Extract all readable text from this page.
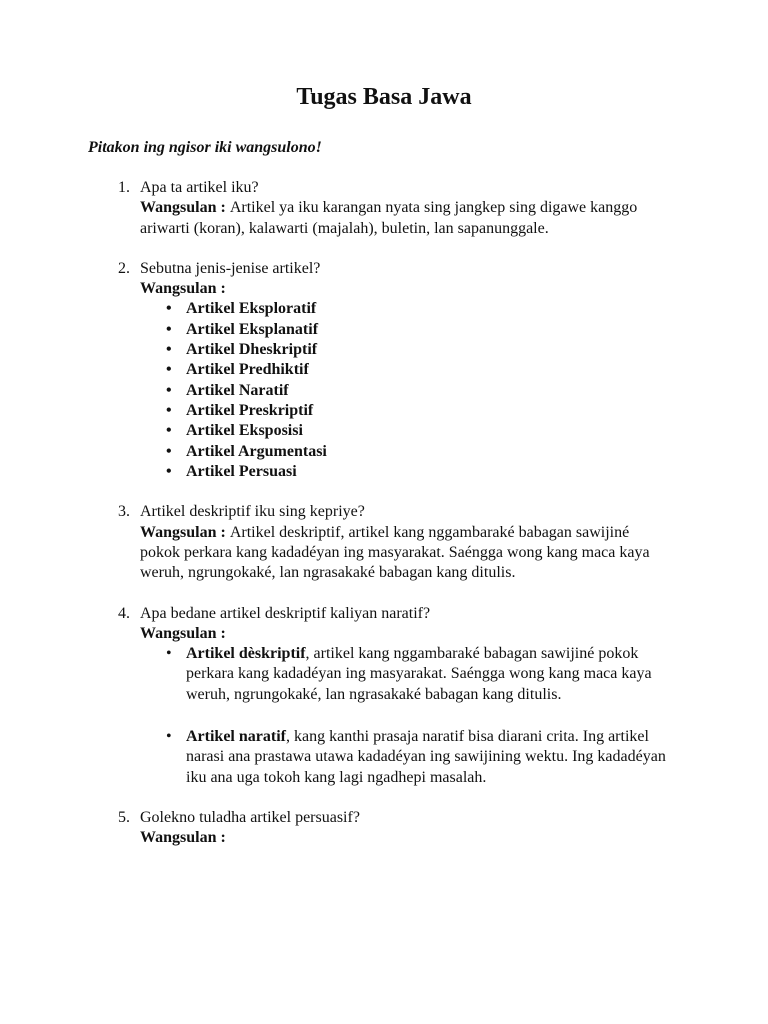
Tugas Basa Jawa

Pitakon ing ngisor iki wangsulono!

1. Apa ta artikel iku?

Wangsulan : Artikel ya iku karangan nyata sing jangkep sing digawe kanggo ariwarti (koran), kalawarti (majalah), buletin, lan sapanunggale.

2. Sebutna jenis-jenise artikel?

Wangsulan :

• Artikel Eksploratif
• Artikel Eksplanatif
• Artikel Dheskriptif
• Artikel Predhiktif
• Artikel Naratif
• Artikel Preskriptif
• Artikel Eksposisi
• Artikel Argumentasi
• Artikel Persuasi
3. Artikel deskriptif iku sing kepriye?

Wangsulan : Artikel deskriptif, artikel kang nggambaraké babagan sawijiné pokok perkara kang kadadéyan ing masyarakat. Saéngga wong kang maca kaya weruh, ngrungokaké, lan ngrasakaké babagan kang ditulis.

4. Apa bedane artikel deskriptif kaliyan naratif?

Wangsulan :

• Artikel dèskriptif, artikel kang nggambaraké babagan sawijiné pokok perkara kang kadadéyan ing masyarakat. Saéngga wong kang maca kaya weruh, ngrungokaké, lan ngrasakaké babagan kang ditulis.
• Artikel naratif, kang kanthi prasaja naratif bisa diarani crita. Ing artikel narasi ana prastawa utawa kadadéyan ing sawijining wektu. Ing kadadéyan iku ana uga tokoh kang lagi ngadhepi masalah.
5. Golekno tuladha artikel persuasif?

Wangsulan :
